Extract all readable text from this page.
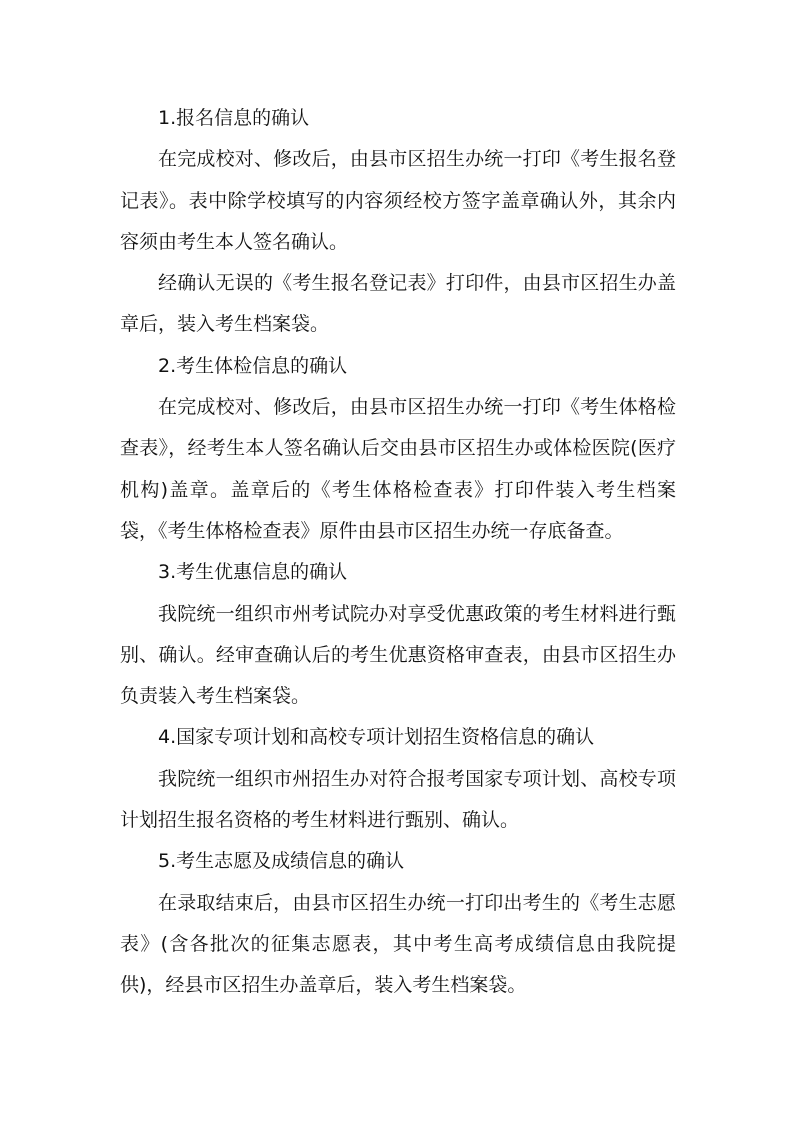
1.报名信息的确认

在完成校对、修改后，由县市区招生办统一打印《考生报名登记表》。表中除学校填写的内容须经校方签字盖章确认外，其余内容须由考生本人签名确认。

经确认无误的《考生报名登记表》打印件，由县市区招生办盖章后，装入考生档案袋。

2.考生体检信息的确认

在完成校对、修改后，由县市区招生办统一打印《考生体格检查表》，经考生本人签名确认后交由县市区招生办或体检医院(医疗机构)盖章。盖章后的《考生体格检查表》打印件装入考生档案袋，《考生体格检查表》原件由县市区招生办统一存底备查。

3.考生优惠信息的确认

我院统一组织市州考试院办对享受优惠政策的考生材料进行甄别、确认。经审查确认后的考生优惠资格审查表，由县市区招生办负责装入考生档案袋。

4.国家专项计划和高校专项计划招生资格信息的确认

我院统一组织市州招生办对符合报考国家专项计划、高校专项计划招生报名资格的考生材料进行甄别、确认。

5.考生志愿及成绩信息的确认

在录取结束后，由县市区招生办统一打印出考生的《考生志愿表》(含各批次的征集志愿表，其中考生高考成绩信息由我院提供)，经县市区招生办盖章后，装入考生档案袋。
